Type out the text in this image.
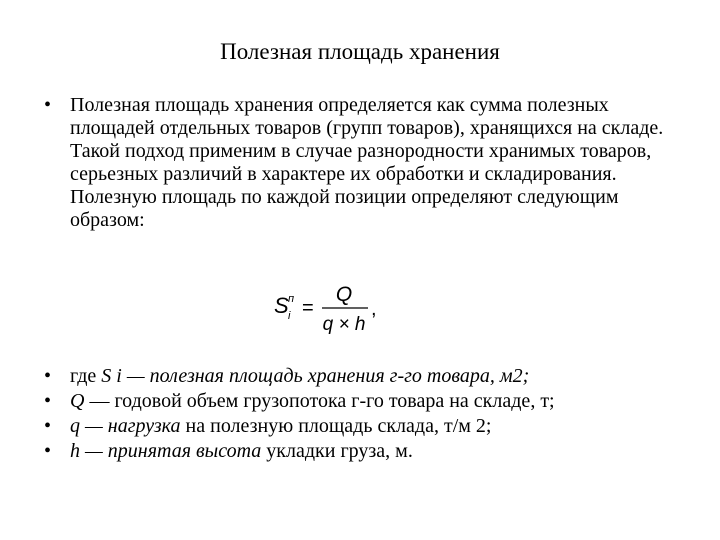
Полезная площадь хранения
• Полезная площадь хранения определяется как сумма полезных площадей отдельных товаров (групп товаров), хранящихся на складе. Такой подход применим в случае разнородности хранимых товаров, серьезных различий в характере их обработки и складирования. Полезную площадь по каждой позиции определяют следующим образом:
S п
i =
Q
q × h
,
• где S i — полезная площадь хранения г-го товара, м2;
• Q — годовой объем грузопотока г-го товара на складе, т;
• q — нагрузка на полезную площадь склада, т/м 2;
• h — принятая высота укладки груза, м.
